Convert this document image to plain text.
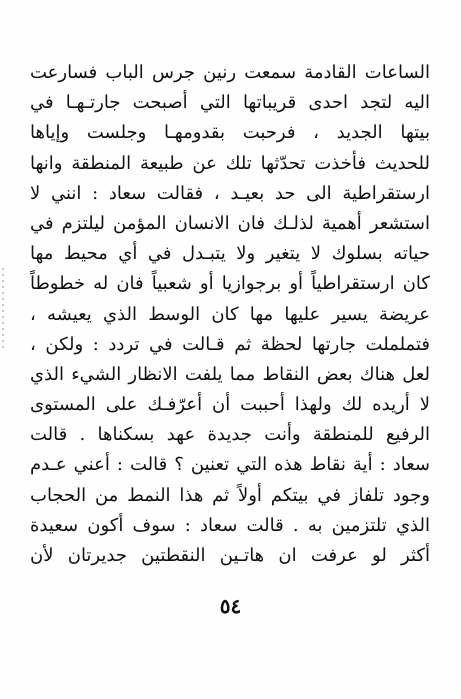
الساعات القادمة سمعت رنين جرس الباب فسارعت
اليه لتجد احدى قريباتها التي أصبحت جارتـهـا في
بيتها الجديد ، فرحبت بقدومهـا وجلست وإياها
للحديث فأخذت تحدّثها تلك عن طبيعة المنطقة وانها
ارستقراطية الى حد بعيـد ، فقالت سعاد : انني لا
استشعر أهمية لذلـك فان الانسان المؤمن ليلتزم في
حياته بسلوك لا يتغير ولا يتبـدل في أي محيط مها
كان ارستقراطياً أو برجوازيا أو شعبياً فان له خطوطاً
عريضة يسير عليها مها كان الوسط الذي يعيشه ،
فتململت جارتها لحظة ثم قـالت في تردد : ولكن ،
لعل هناك بعض النقاط مما يلفت الانظار الشيء الذي
لا أريده لك ولهذا أحببت أن أعرّفـك على المستوى
الرفيع للمنطقة وأنت جديدة عهد بسكناها . قالت
سعاد : أية نقاط هذه التي تعنين ؟ قالت : أعني عـدم
وجود تلفاز في بيتكم أولاً ثم هذا النمط من الحجاب
الذي تلتزمين به . قالت سعاد : سوف أكون سعيدة
أكثر لو عرفت ان هاتـين النقطتين جديرتان لأن
٥٤
